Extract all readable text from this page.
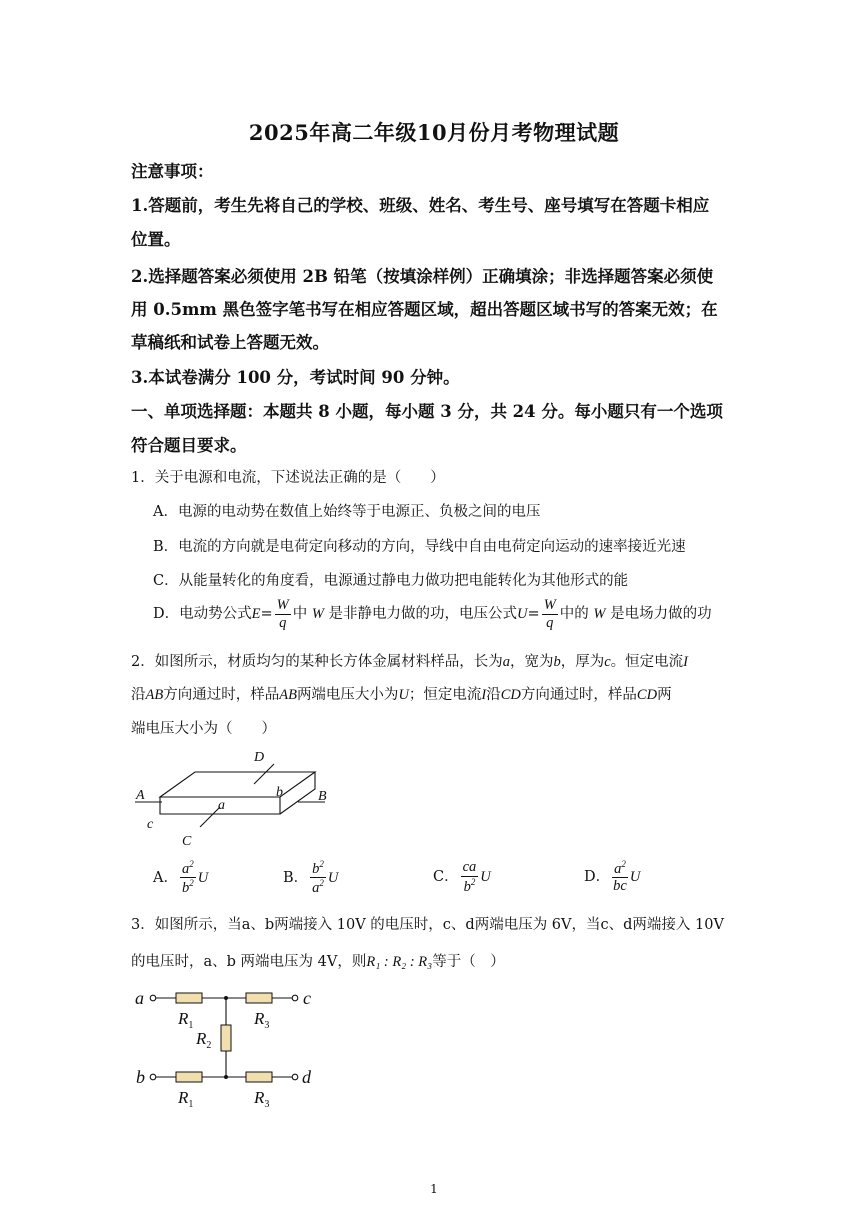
2025年高二年级10月份月考物理试题
注意事项：
1.答题前，考生先将自己的学校、班级、姓名、考生号、座号填写在答题卡相应
位置。
2.选择题答案必须使用 2B 铅笔（按填涂样例）正确填涂；非选择题答案必须使
用 0.5mm 黑色签字笔书写在相应答题区域，超出答题区域书写的答案无效；在
草稿纸和试卷上答题无效。
3.本试卷满分 100 分，考试时间 90 分钟。
一、单项选择题：本题共 8 小题，每小题 3 分，共 24 分。每小题只有一个选项
符合题目要求。
1．关于电源和电流，下述说法正确的是（　　）
A．电源的电动势在数值上始终等于电源正、负极之间的电压
B．电流的方向就是电荷定向移动的方向，导线中自由电荷定向运动的速率接近光速
C．从能量转化的角度看，电源通过静电力做功把电能转化为其他形式的能
D．电动势公式$E= \frac{W}{q}$ 中 W 是非静电力做的功，电压公式$U= \frac{W}{q}$ 中的 W 是电场力做的功
2．如图所示，材质均匀的某种长方体金属材料样品，长为a，宽为b，厚为c。恒定电流I
沿AB方向通过时，样品AB两端电压大小为U；恒定电流I沿CD方向通过时，样品CD两
端电压大小为（　　）
A	B
D
C
a
b
c
A． $\frac{a^2}{b^2}$ U	B． $\frac{b^2}{a^2}$ U	C． $\frac{ca}{b^2}$ U	D． $\frac{a^2}{bc}$ U
3．如图所示，当a、b两端接入 10V 的电压时，c、d两端电压为 6V，当c、d两端接入 10V
的电压时，a、b 两端电压为 4V，则R₁ : R₂ : R₃等于（　）
a
b
c
d
$R_1$	$R_3$
$R_2$
$R_1$	$R_3$
1
